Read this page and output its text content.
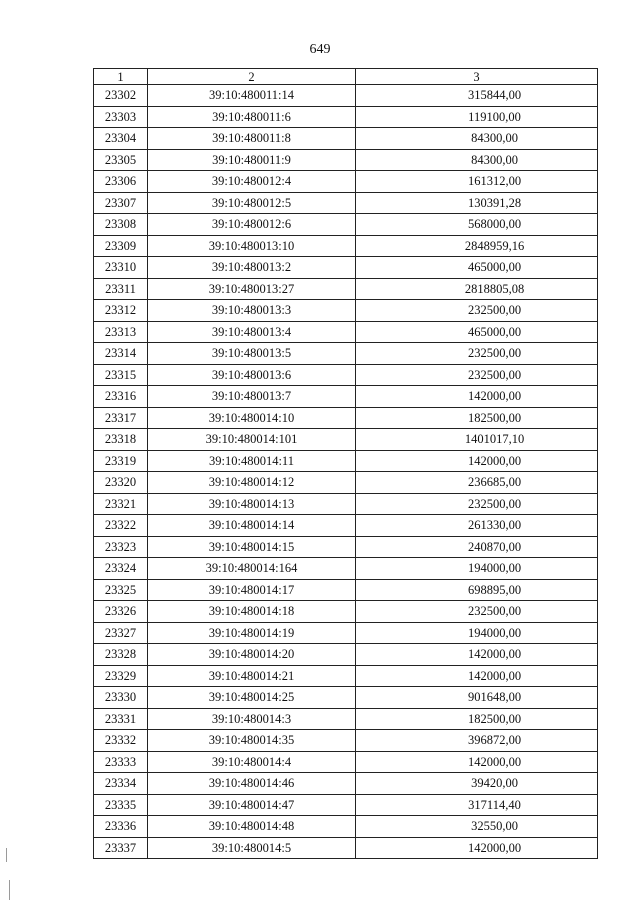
649
1	2	3
23302	39:10:480011:14	315844,00
23303	39:10:480011:6	119100,00
23304	39:10:480011:8	84300,00
23305	39:10:480011:9	84300,00
23306	39:10:480012:4	161312,00
23307	39:10:480012:5	130391,28
23308	39:10:480012:6	568000,00
23309	39:10:480013:10	2848959,16
23310	39:10:480013:2	465000,00
23311	39:10:480013:27	2818805,08
23312	39:10:480013:3	232500,00
23313	39:10:480013:4	465000,00
23314	39:10:480013:5	232500,00
23315	39:10:480013:6	232500,00
23316	39:10:480013:7	142000,00
23317	39:10:480014:10	182500,00
23318	39:10:480014:101	1401017,10
23319	39:10:480014:11	142000,00
23320	39:10:480014:12	236685,00
23321	39:10:480014:13	232500,00
23322	39:10:480014:14	261330,00
23323	39:10:480014:15	240870,00
23324	39:10:480014:164	194000,00
23325	39:10:480014:17	698895,00
23326	39:10:480014:18	232500,00
23327	39:10:480014:19	194000,00
23328	39:10:480014:20	142000,00
23329	39:10:480014:21	142000,00
23330	39:10:480014:25	901648,00
23331	39:10:480014:3	182500,00
23332	39:10:480014:35	396872,00
23333	39:10:480014:4	142000,00
23334	39:10:480014:46	39420,00
23335	39:10:480014:47	317114,40
23336	39:10:480014:48	32550,00
23337	39:10:480014:5	142000,00
